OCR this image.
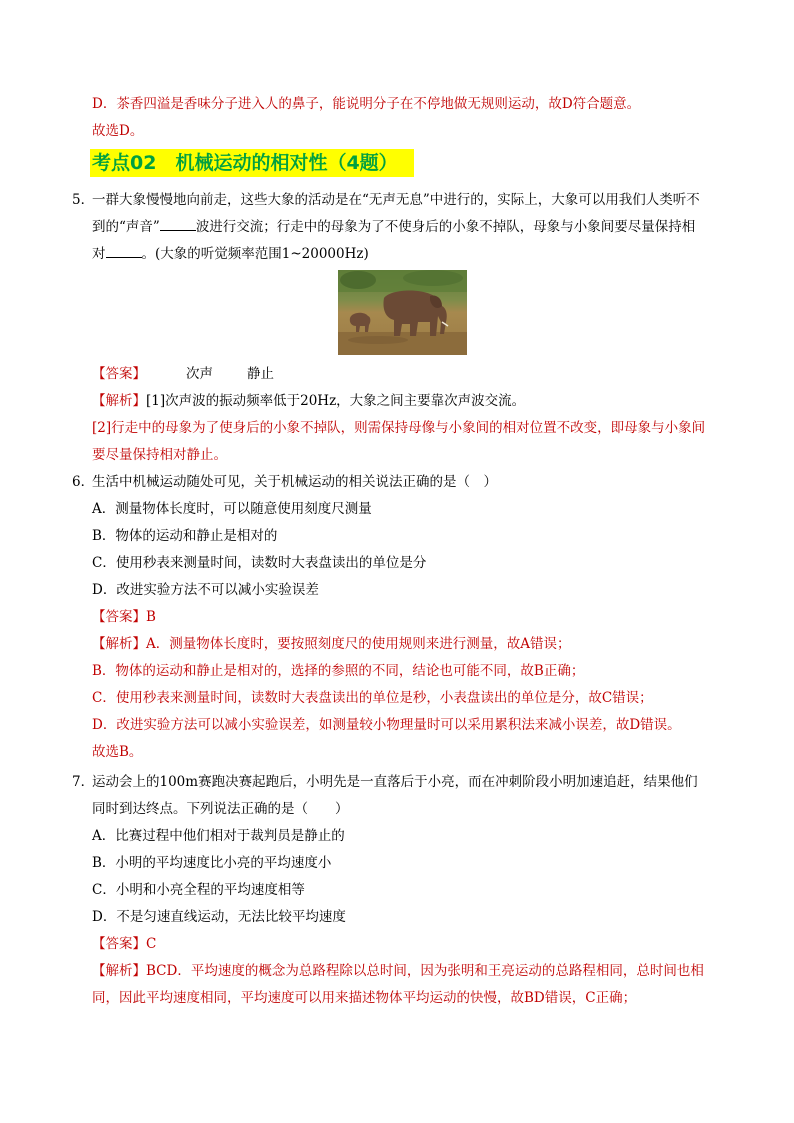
D．茶香四溢是香味分子进入人的鼻子，能说明分子在不停地做无规则运动，故D符合题意。
故选D。
考点02　机械运动的相对性（4题）
5．
一群大象慢慢地向前走，这些大象的活动是在“无声无息”中进行的，实际上，大象可以用我们人类听不
到的“声音”	波进行交流；行走中的母象为了不使身后的小象不掉队，母象与小象间要尽量保持相
对	。(大象的听觉频率范围1~20000Hz)
【答案】	次声	静止
【解析】[1]次声波的振动频率低于20Hz，大象之间主要靠次声波交流。
[2]行走中的母象为了使身后的小象不掉队，则需保持母像与小象间的相对位置不改变，即母象与小象间
要尽量保持相对静止。
6．
生活中机械运动随处可见，关于机械运动的相关说法正确的是（　）
A．测量物体长度时，可以随意使用刻度尺测量
B．物体的运动和静止是相对的
C．使用秒表来测量时间，读数时大表盘读出的单位是分
D．改进实验方法不可以减小实验误差
【答案】B
【解析】A．测量物体长度时，要按照刻度尺的使用规则来进行测量，故A错误；
B．物体的运动和静止是相对的，选择的参照的不同，结论也可能不同，故B正确；
C．使用秒表来测量时间，读数时大表盘读出的单位是秒，小表盘读出的单位是分，故C错误；
D．改进实验方法可以减小实验误差，如测量较小物理量时可以采用累积法来减小误差，故D错误。
故选B。
7．
运动会上的100m赛跑决赛起跑后，小明先是一直落后于小亮，而在冲刺阶段小明加速追赶，结果他们
同时到达终点。下列说法正确的是（　　）
A．比赛过程中他们相对于裁判员是静止的
B．小明的平均速度比小亮的平均速度小
C．小明和小亮全程的平均速度相等
D．不是匀速直线运动，无法比较平均速度
【答案】C
【解析】BCD．平均速度的概念为总路程除以总时间，因为张明和王亮运动的总路程相同，总时间也相
同，因此平均速度相同，平均速度可以用来描述物体平均运动的快慢，故BD错误，C正确；
